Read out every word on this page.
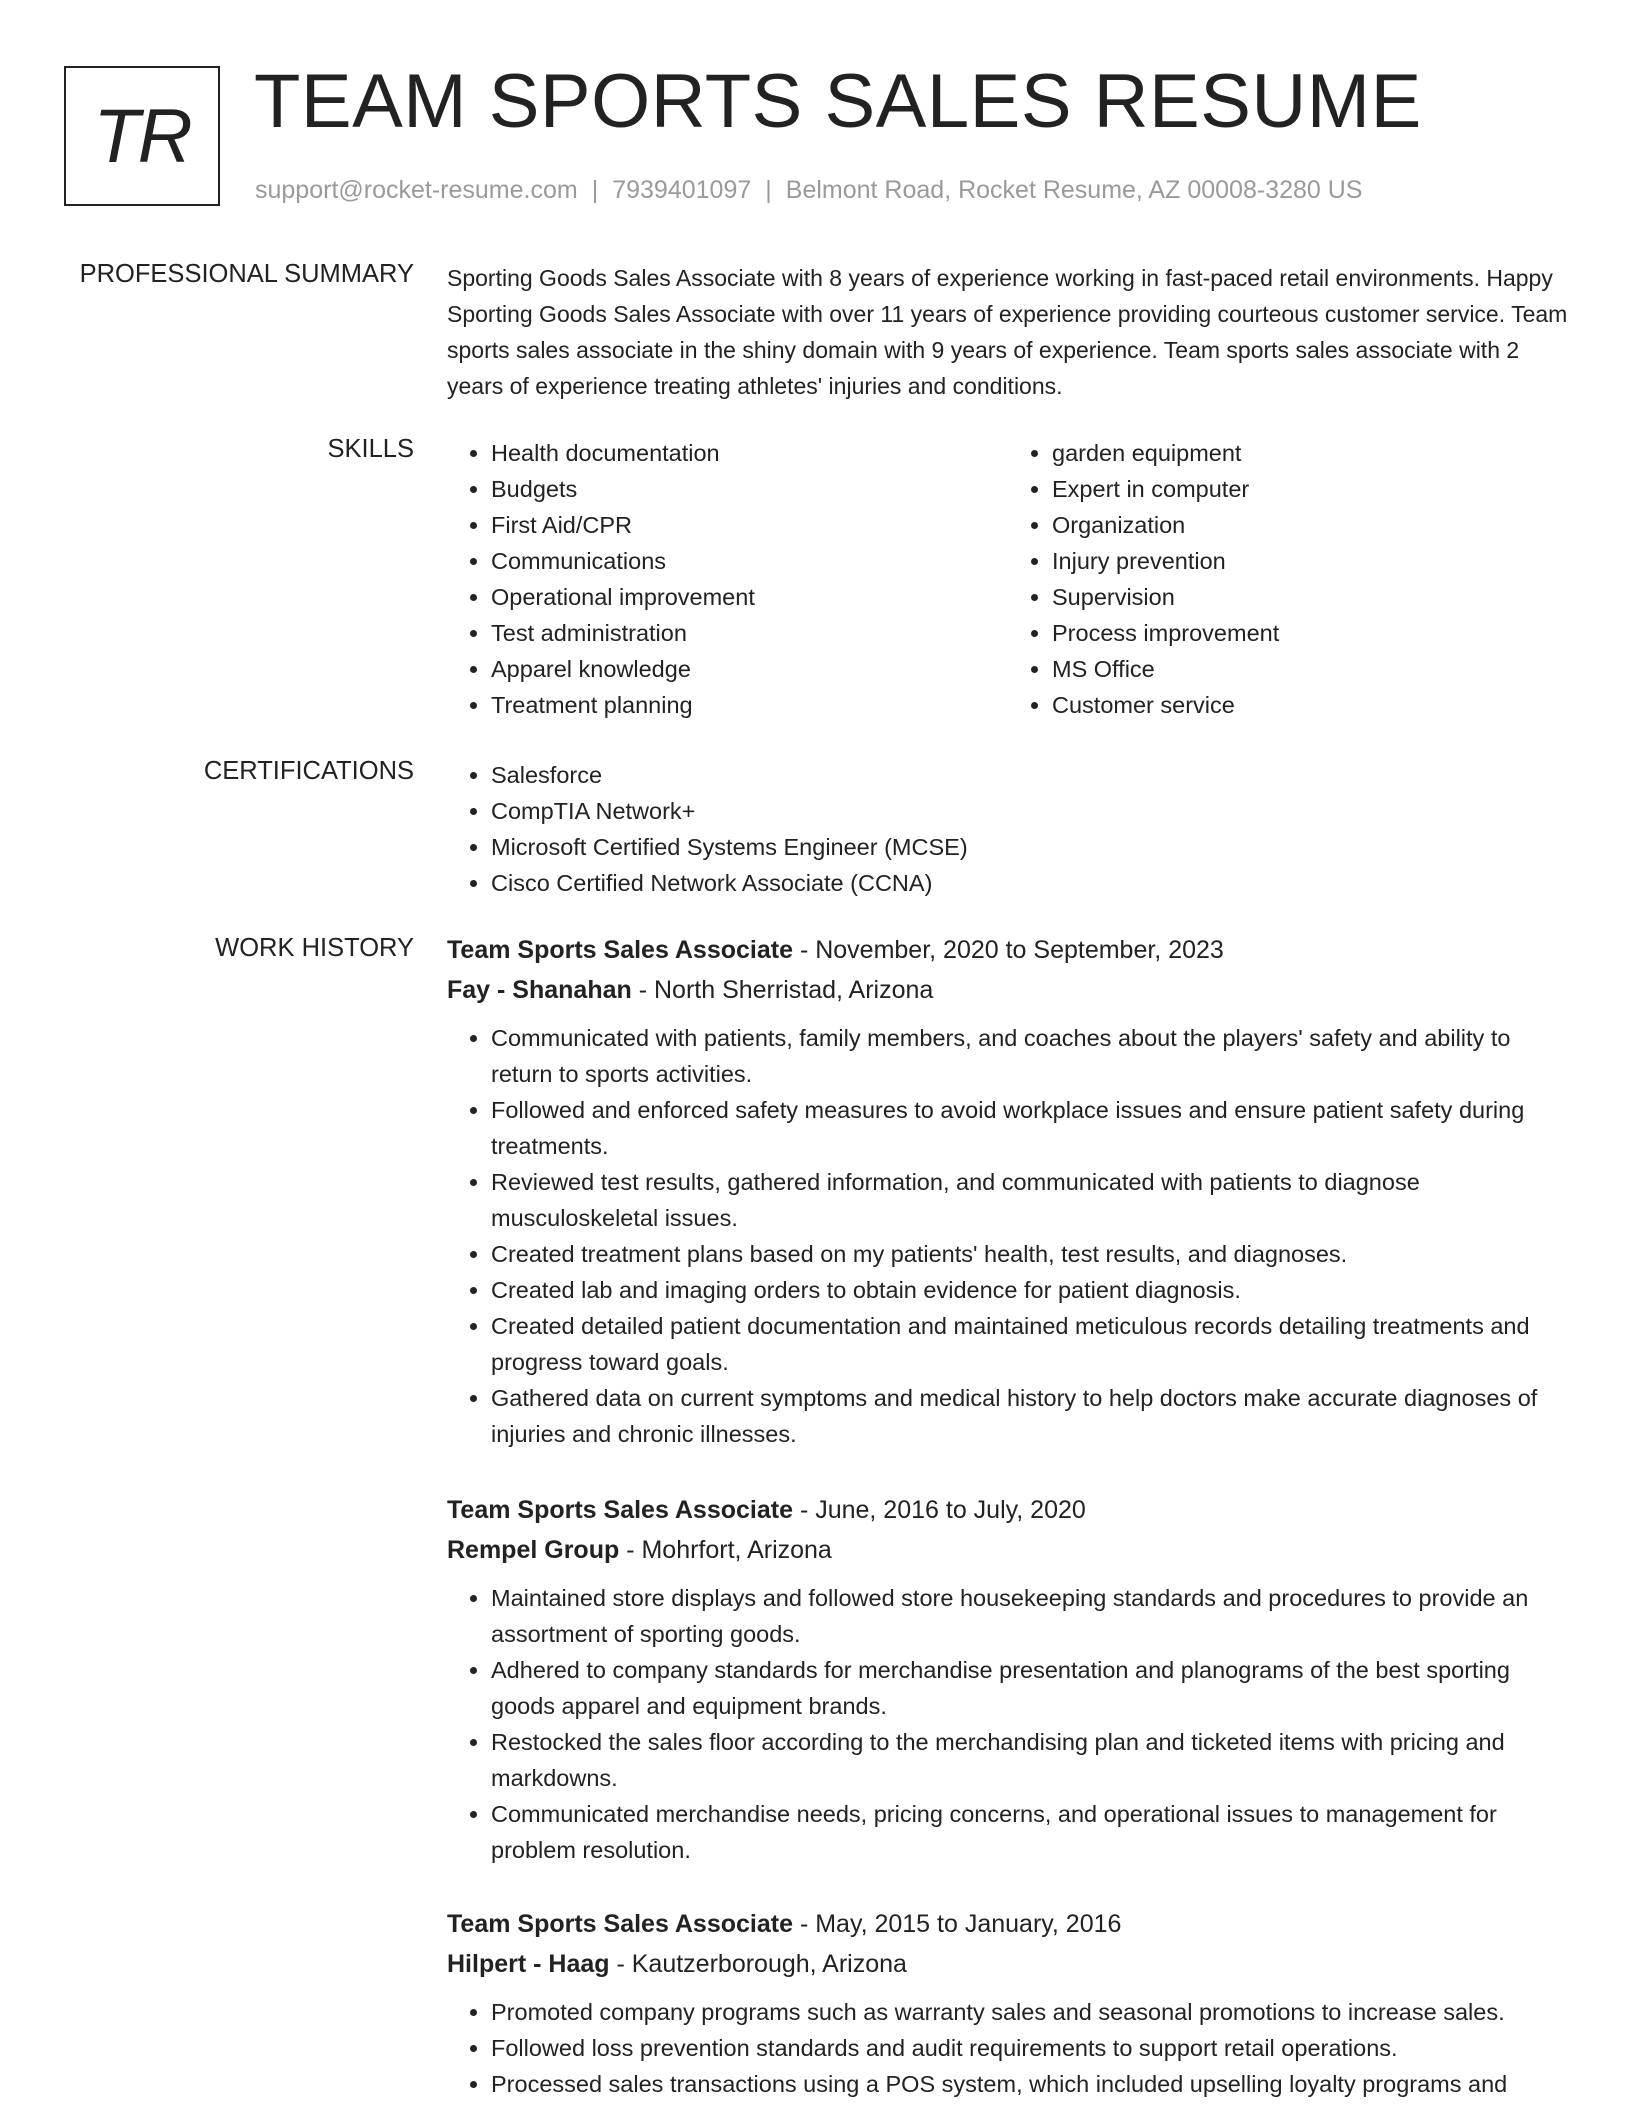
TR TEAM SPORTS SALES RESUME
support@rocket-resume.com | 7939401097 | Belmont Road, Rocket Resume, AZ 00008-3280 US
PROFESSIONAL SUMMARY Sporting Goods Sales Associate with 8 years of experience working in fast-paced retail environments. Happy Sporting Goods Sales Associate with over 11 years of experience providing courteous customer service. Team sports sales associate in the shiny domain with 9 years of experience. Team sports sales associate with 2 years of experience treating athletes' injuries and conditions.

SKILLS	• Health documentation
• Budgets
• First Aid/CPR
• Communications
• Operational improvement
• Test administration
• Apparel knowledge
• Treatment planning
• garden equipment
• Expert in computer
• Organization
• Injury prevention
• Supervision
• Process improvement
• MS Office
• Customer service
CERTIFICATIONS	• Salesforce
• CompTIA Network+
• Microsoft Certified Systems Engineer (MCSE)
• Cisco Certified Network Associate (CCNA)
WORK HISTORY Team Sports Sales Associate - November, 2020 to September, 2023
Fay - Shanahan - North Sherristad, Arizona
• Communicated with patients, family members, and coaches about the players' safety and ability to return to sports activities.
• Followed and enforced safety measures to avoid workplace issues and ensure patient safety during treatments.
• Reviewed test results, gathered information, and communicated with patients to diagnose musculoskeletal issues.
• Created treatment plans based on my patients' health, test results, and diagnoses.
• Created lab and imaging orders to obtain evidence for patient diagnosis.
• Created detailed patient documentation and maintained meticulous records detailing treatments and progress toward goals.
• Gathered data on current symptoms and medical history to help doctors make accurate diagnoses of injuries and chronic illnesses.
Team Sports Sales Associate - June, 2016 to July, 2020
Rempel Group - Mohrfort, Arizona
• Maintained store displays and followed store housekeeping standards and procedures to provide an assortment of sporting goods.
• Adhered to company standards for merchandise presentation and planograms of the best sporting goods apparel and equipment brands.
• Restocked the sales floor according to the merchandising plan and ticketed items with pricing and markdowns.
• Communicated merchandise needs, pricing concerns, and operational issues to management for problem resolution.
Team Sports Sales Associate - May, 2015 to January, 2016
Hilpert - Haag - Kautzerborough, Arizona
• Promoted company programs such as warranty sales and seasonal promotions to increase sales.
• Followed loss prevention standards and audit requirements to support retail operations.
• Processed sales transactions using a POS system, which included upselling loyalty programs and
